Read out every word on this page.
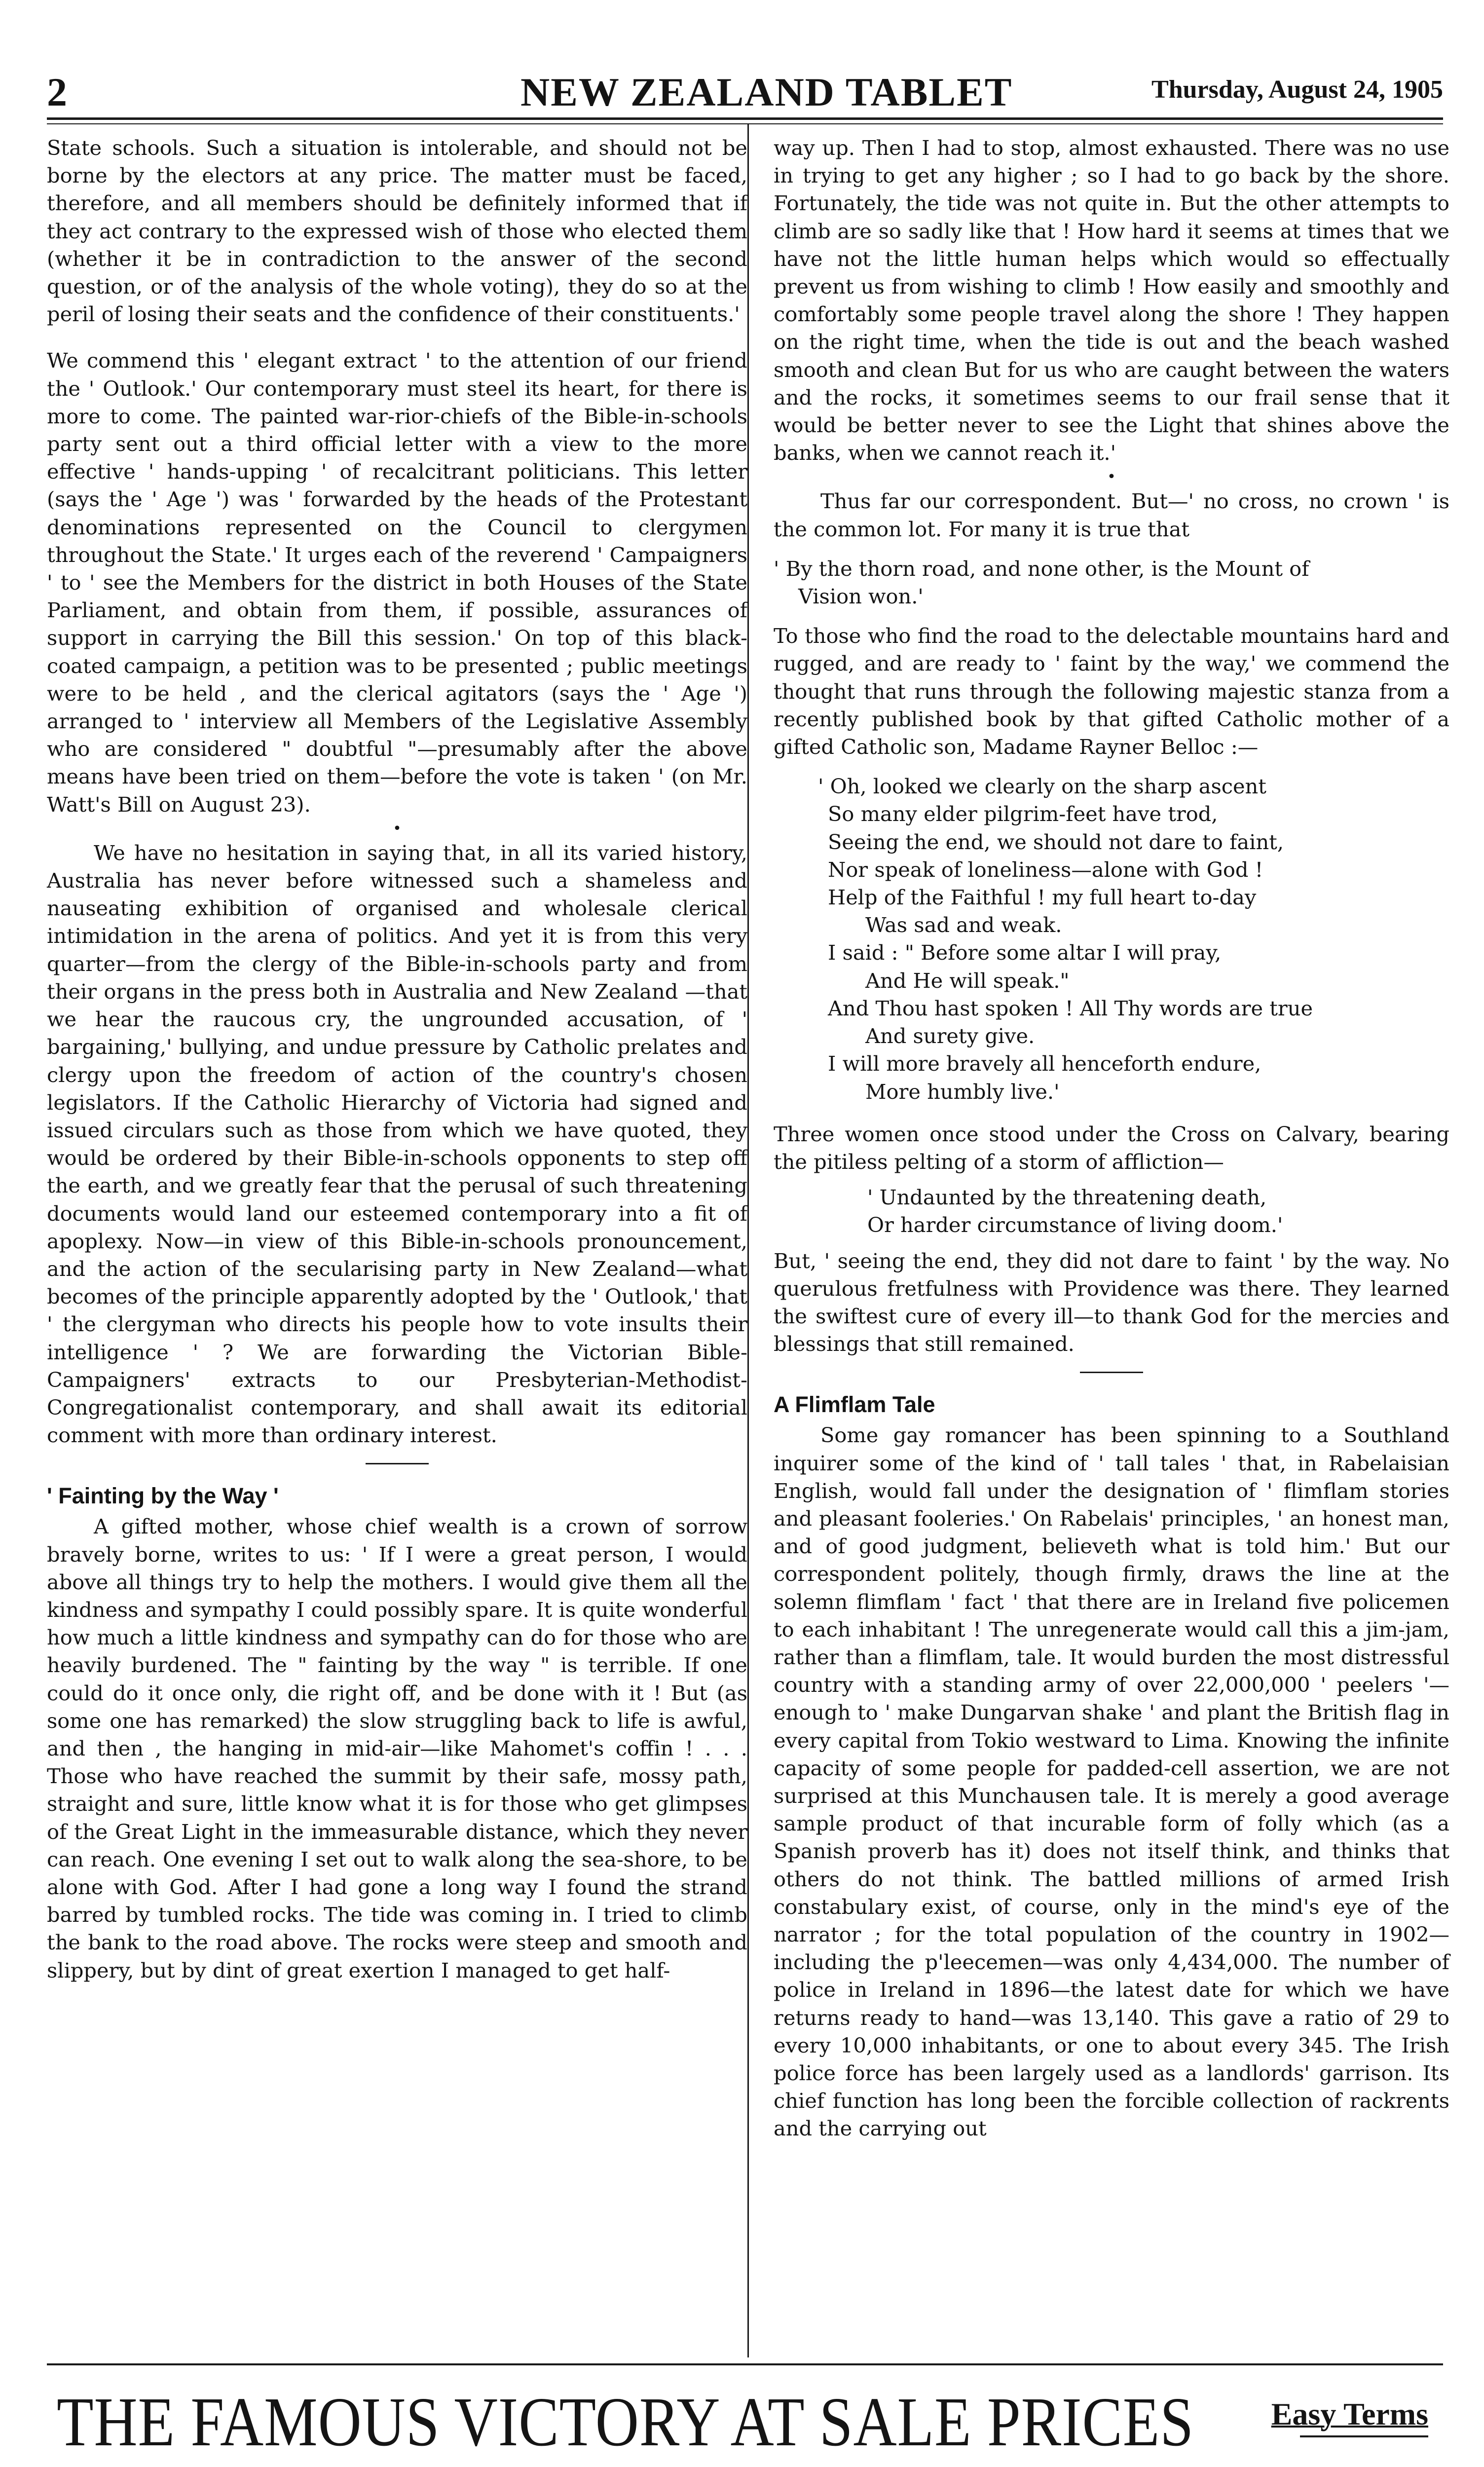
2	NEW ZEALAND TABLET	Thursday, August 24, 1905

State schools. Such a situation is intolerable, and should not be borne by the electors at any price. The matter must be faced, therefore, and all members should be definitely informed that if they act contrary to the expressed wish of those who elected them (whether it be in contradiction to the answer of the second question, or of the analysis of the whole voting), they do so at the peril of losing their seats and the confidence of their constituents.'

We commend this ' elegant extract ' to the attention of our friend the ' Outlook.' Our contemporary must steel its heart, for there is more to come. The painted war-rior-chiefs of the Bible-in-schools party sent out a third official letter with a view to the more effective ' hands-upping ' of recalcitrant politicians. This letter (says the ' Age ') was ' forwarded by the heads of the Protestant denominations represented on the Council to clergymen throughout the State.' It urges each of the reverend ' Campaigners ' to ' see the Members for the district in both Houses of the State Parliament, and obtain from them, if possible, assurances of support in carrying the Bill this session.' On top of this black-coated campaign, a petition was to be presented ; public meetings were to be held , and the clerical agitators (says the ' Age ') arranged to ' interview all Members of the Legislative Assembly who are considered " doubtful "—presumably after the above means have been tried on them—before the vote is taken ' (on Mr. Watt's Bill on August 23).

•

We have no hesitation in saying that, in all its varied history, Australia has never before witnessed such a shameless and nauseating exhibition of organised and wholesale clerical intimidation in the arena of politics. And yet it is from this very quarter—from the clergy of the Bible-in-schools party and from their organs in the press both in Australia and New Zealand —that we hear the raucous cry, the ungrounded accusation, of ' bargaining,' bullying, and undue pressure by Catholic prelates and clergy upon the freedom of action of the country's chosen legislators. If the Catholic Hierarchy of Victoria had signed and issued circulars such as those from which we have quoted, they would be ordered by their Bible-in-schools opponents to step off the earth, and we greatly fear that the perusal of such threatening documents would land our esteemed contemporary into a fit of apoplexy. Now—in view of this Bible-in-schools pronouncement, and the action of the secularising party in New Zealand—what becomes of the principle apparently adopted by the ' Outlook,' that ' the clergyman who directs his people how to vote insults their intelligence ' ? We are forwarding the Victorian Bible-Campaigners' extracts to our Presbyterian-Methodist-Congregationalist contemporary, and shall await its editorial comment with more than ordinary interest.

' Fainting by the Way '

A gifted mother, whose chief wealth is a crown of sorrow bravely borne, writes to us: ' If I were a great person, I would above all things try to help the mothers. I would give them all the kindness and sympathy I could possibly spare. It is quite wonderful how much a little kindness and sympathy can do for those who are heavily burdened. The " fainting by the way " is terrible. If one could do it once only, die right off, and be done with it ! But (as some one has remarked) the slow struggling back to life is awful, and then , the hanging in mid-air—like Mahomet's coffin ! . . . Those who have reached the summit by their safe, mossy path, straight and sure, little know what it is for those who get glimpses of the Great Light in the immeasurable distance, which they never can reach. One evening I set out to walk along the sea-shore, to be alone with God. After I had gone a long way I found the strand barred by tumbled rocks. The tide was coming in. I tried to climb the bank to the road above. The rocks were steep and smooth and slippery, but by dint of great exertion I managed to get half-

way up. Then I had to stop, almost exhausted. There was no use in trying to get any higher ; so I had to go back by the shore. Fortunately, the tide was not quite in. But the other attempts to climb are so sadly like that ! How hard it seems at times that we have not the little human helps which would so effectually prevent us from wishing to climb ! How easily and smoothly and comfortably some people travel along the shore ! They happen on the right time, when the tide is out and the beach washed smooth and clean But for us who are caught between the waters and the rocks, it sometimes seems to our frail sense that it would be better never to see the Light that shines above the banks, when we cannot reach it.'

•

Thus far our correspondent. But—' no cross, no crown ' is the common lot. For many it is true that

' By the thorn road, and none other, is the Mount of
Vision won.'

To those who find the road to the delectable mountains hard and rugged, and are ready to ' faint by the way,' we commend the thought that runs through the following majestic stanza from a recently published book by that gifted Catholic mother of a gifted Catholic son, Madame Rayner Belloc :—

' Oh, looked we clearly on the sharp ascent
So many elder pilgrim-feet have trod,
Seeing the end, we should not dare to faint,
Nor speak of loneliness—alone with God !
Help of the Faithful ! my full heart to-day
Was sad and weak.
I said : " Before some altar I will pray,
And He will speak."
And Thou hast spoken ! All Thy words are true
And surety give.
I will more bravely all henceforth endure,
More humbly live.'

Three women once stood under the Cross on Calvary, bearing the pitiless pelting of a storm of affliction—

' Undaunted by the threatening death,
Or harder circumstance of living doom.'

But, ' seeing the end, they did not dare to faint ' by the way. No querulous fretfulness with Providence was there. They learned the swiftest cure of every ill—to thank God for the mercies and blessings that still remained.

A Flimflam Tale

Some gay romancer has been spinning to a Southland inquirer some of the kind of ' tall tales ' that, in Rabelaisian English, would fall under the designation of ' flimflam stories and pleasant fooleries.' On Rabelais' principles, ' an honest man, and of good judgment, believeth what is told him.' But our correspondent politely, though firmly, draws the line at the solemn flimflam ' fact ' that there are in Ireland five policemen to each inhabitant ! The unregenerate would call this a jim-jam, rather than a flimflam, tale. It would burden the most distressful country with a standing army of over 22,000,000 ' peelers '—enough to ' make Dungarvan shake ' and plant the British flag in every capital from Tokio westward to Lima. Knowing the infinite capacity of some people for padded-cell assertion, we are not surprised at this Munchausen tale. It is merely a good average sample product of that incurable form of folly which (as a Spanish proverb has it) does not itself think, and thinks that others do not think. The battled millions of armed Irish constabulary exist, of course, only in the mind's eye of the narrator ; for the total population of the country in 1902—including the p'leecemen—was only 4,434,000. The number of police in Ireland in 1896—the latest date for which we have returns ready to hand—was 13,140. This gave a ratio of 29 to every 10,000 inhabitants, or one to about every 345. The Irish police force has been largely used as a landlords' garrison. Its chief function has long been the forcible collection of rackrents and the carrying out

THE FAMOUS VICTORY AT SALE PRICES Easy Terms
